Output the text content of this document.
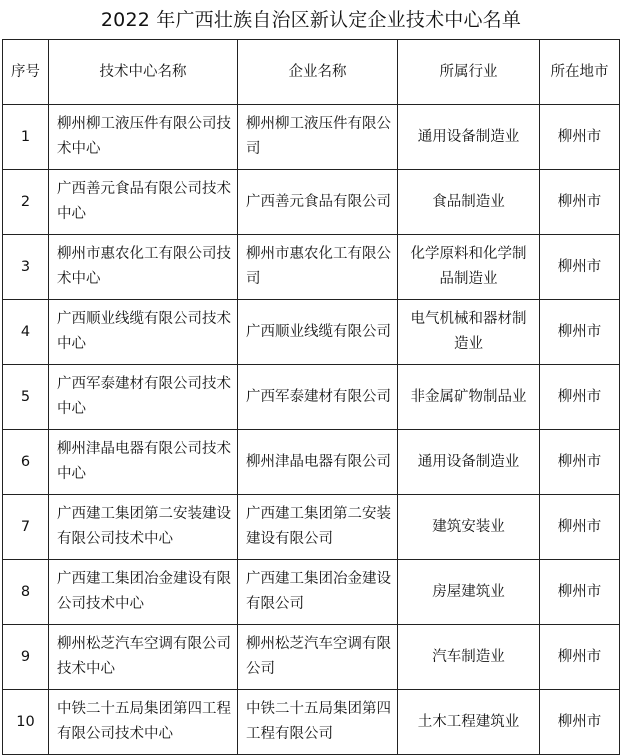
2022 年广西壮族自治区新认定企业技术中心名单
序号	技术中心名称	企业名称	所属行业	所在地市
1	柳州柳工液压件有限公司技术中心	柳州柳工液压件有限公司	通用设备制造业	柳州市
2	广西善元食品有限公司技术中心	广西善元食品有限公司	食品制造业	柳州市
3	柳州市惠农化工有限公司技术中心	柳州市惠农化工有限公司	化学原料和化学制品制造业	柳州市
4	广西顺业线缆有限公司技术中心	广西顺业线缆有限公司	电气机械和器材制造业	柳州市
5	广西军泰建材有限公司技术中心	广西军泰建材有限公司	非金属矿物制品业	柳州市
6	柳州津晶电器有限公司技术中心	柳州津晶电器有限公司	通用设备制造业	柳州市
7	广西建工集团第二安装建设有限公司技术中心	广西建工集团第二安装建设有限公司	建筑安装业	柳州市
8	广西建工集团冶金建设有限公司技术中心	广西建工集团冶金建设有限公司	房屋建筑业	柳州市
9	柳州松芝汽车空调有限公司技术中心	柳州松芝汽车空调有限公司	汽车制造业	柳州市
10	中铁二十五局集团第四工程有限公司技术中心	中铁二十五局集团第四工程有限公司	土木工程建筑业	柳州市
